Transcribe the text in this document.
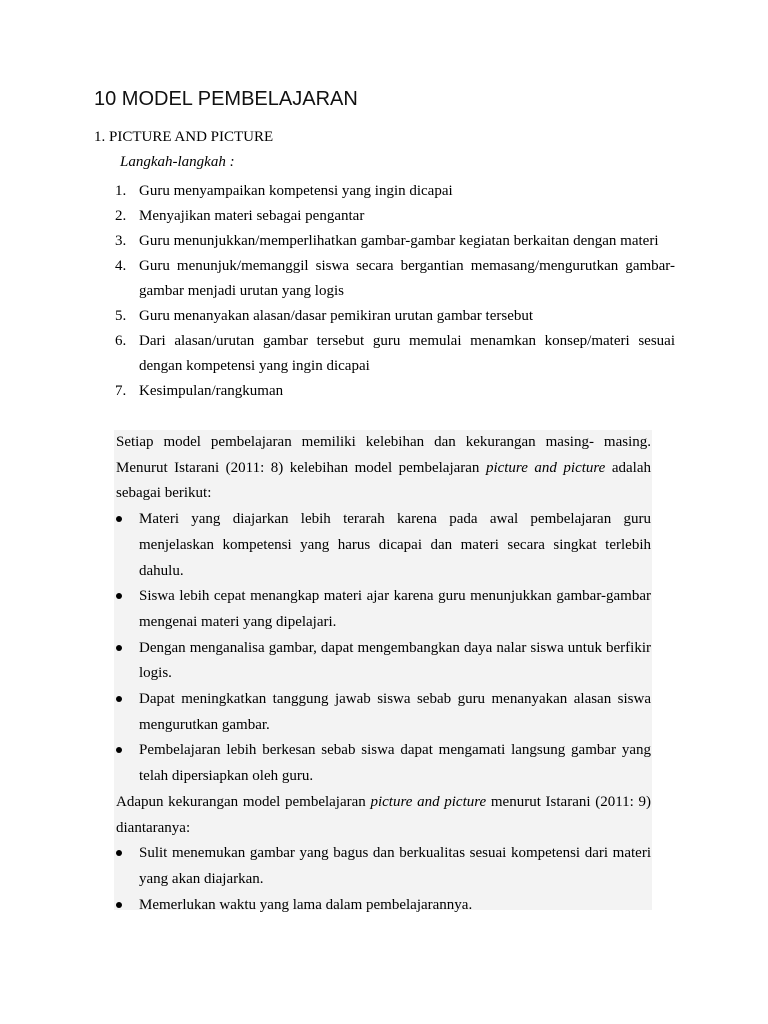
10 MODEL PEMBELAJARAN
1. PICTURE AND PICTURE
Langkah-langkah :
1. Guru menyampaikan kompetensi yang ingin dicapai
2. Menyajikan materi sebagai pengantar
3. Guru menunjukkan/memperlihatkan gambar-gambar kegiatan berkaitan dengan materi
4. Guru menunjuk/memanggil siswa secara bergantian memasang/mengurutkan gambar-gambar menjadi urutan yang logis
5. Guru menanyakan alasan/dasar pemikiran urutan gambar tersebut
6. Dari alasan/urutan gambar tersebut guru memulai menamkan konsep/materi sesuai dengan kompetensi yang ingin dicapai
7. Kesimpulan/rangkuman

Setiap model pembelajaran memiliki kelebihan dan kekurangan masing- masing. Menurut Istarani (2011: 8) kelebihan model pembelajaran picture and picture adalah sebagai berikut:

Materi yang diajarkan lebih terarah karena pada awal pembelajaran guru menjelaskan kompetensi yang harus dicapai dan materi secara singkat terlebih dahulu.
Siswa lebih cepat menangkap materi ajar karena guru menunjukkan gambar-gambar mengenai materi yang dipelajari.
Dengan menganalisa gambar, dapat mengembangkan daya nalar siswa untuk berfikir logis.
Dapat meningkatkan tanggung jawab siswa sebab guru menanyakan alasan siswa mengurutkan gambar.
Pembelajaran lebih berkesan sebab siswa dapat mengamati langsung gambar yang telah dipersiapkan oleh guru.

Adapun kekurangan model pembelajaran picture and picture menurut Istarani (2011: 9) diantaranya:

Sulit menemukan gambar yang bagus dan berkualitas sesuai kompetensi dari materi yang akan diajarkan.
Memerlukan waktu yang lama dalam pembelajarannya.
